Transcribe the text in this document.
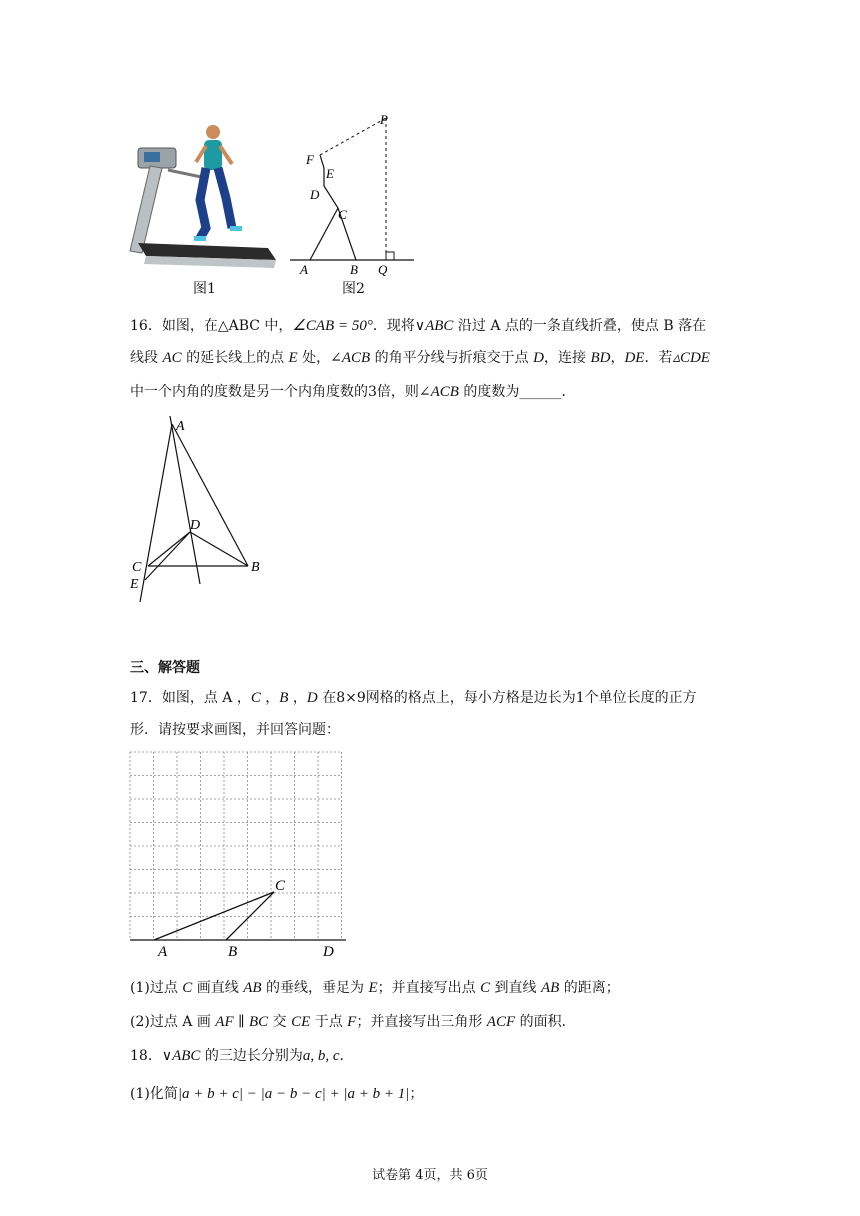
图1
P
F
E
D
C
A	B Q
图2
16．如图，在△ABC 中，∠CAB = 50°．现将∨ABC 沿过 A 点的一条直线折叠，使点 B 落在
线段 AC 的延长线上的点 E 处，∠ACB 的角平分线与折痕交于点 D，连接 BD，DE．若▵CDE
中一个内角的度数是另一个内角度数的3倍，则∠ACB 的度数为______．
A
D
C
E
B
三、解答题
17．如图，点 A ，C ，B ，D 在8×9网格的格点上，每小方格是边长为1个单位长度的正方
形．请按要求画图，并回答问题：
A	B
C
D
(1)过点 C 画直线 AB 的垂线，垂足为 E；并直接写出点 C 到直线 AB 的距离；
(2)过点 A 画 AF ∥ BC 交 CE 于点 F；并直接写出三角形 ACF 的面积．
18．∨ABC 的三边长分别为a, b, c．
(1)化简|a + b + c| − |a − b − c| + |a + b + 1|；
试卷第 4页，共 6页
